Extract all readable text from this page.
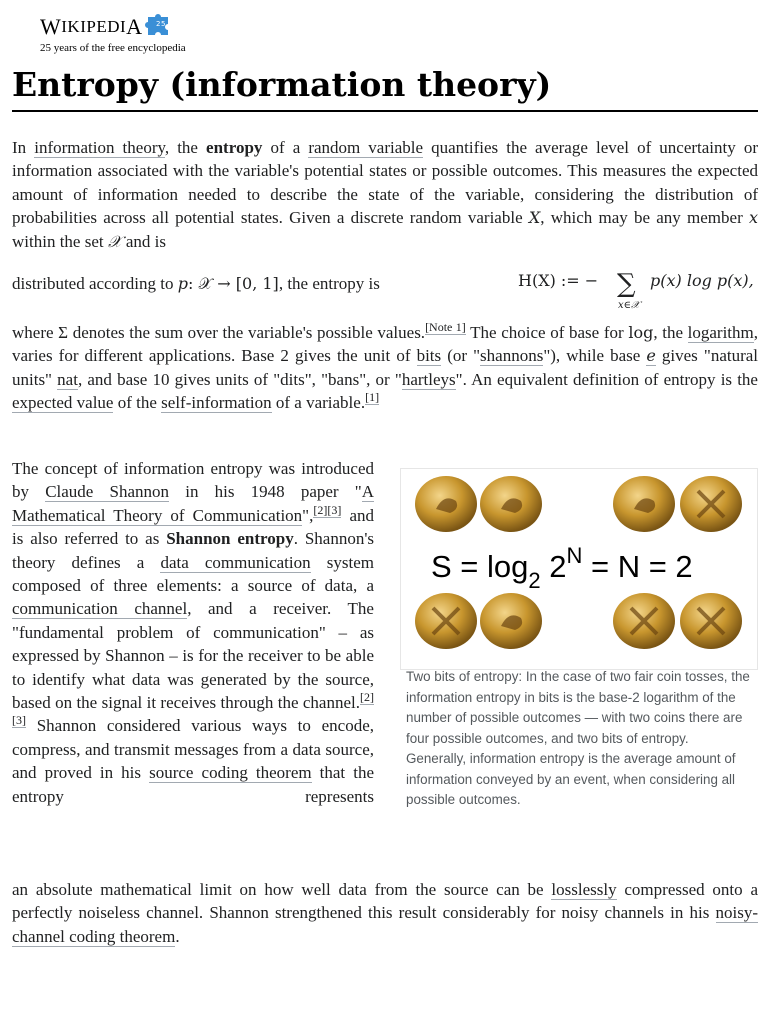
W IKIPEDI A 25
25 years of the free encyclopedia
Entropy (information theory)

In information theory, the entropy of a random variable quantifies the average level of uncertainty or information associated with the variable's potential states or possible outcomes. This measures the expected amount of information needed to describe the state of the variable, considering the distribution of probabilities across all potential states. Given a discrete random variable X, which may be any member x within the set 𝒳 and is

distributed according to p: 𝒳 → [0, 1], the entropy is	H(X) := − ∑
x∈𝒳
p(x) log p(x),

where Σ denotes the sum over the variable's possible values.[Note 1] The choice of base for log, the logarithm, varies for different applications. Base 2 gives the unit of bits (or "shannons"), while base e gives "natural units" nat, and base 10 gives units of "dits", "bans", or "hartleys". An equivalent definition of entropy is the expected value of the self-information of a variable.[1]

The concept of information entropy was introduced by Claude Shannon in his 1948 paper "A Mathematical Theory of Communication",[2][3] and is also referred to as Shannon entropy. Shannon's theory defines a data communication system composed of three elements: a source of data, a communication channel, and a receiver. The "fundamental problem of communication" – as expressed by Shannon – is for the receiver to be able to identify what data was generated by the source, based on the signal it receives through the channel.[2][3] Shannon considered various ways to encode, compress, and transmit messages from a data source, and proved in his source coding theorem that the entropy represents

$S = \log_2 2^N = N = 2$

Two bits of entropy: In the case of two fair coin tosses, the information entropy in bits is the base-2 logarithm of the number of possible outcomes — with two coins there are four possible outcomes, and two bits of entropy. Generally, information entropy is the average amount of information conveyed by an event, when considering all possible outcomes.

an absolute mathematical limit on how well data from the source can be losslessly compressed onto a perfectly noiseless channel. Shannon strengthened this result considerably for noisy channels in his noisy-channel coding theorem.
